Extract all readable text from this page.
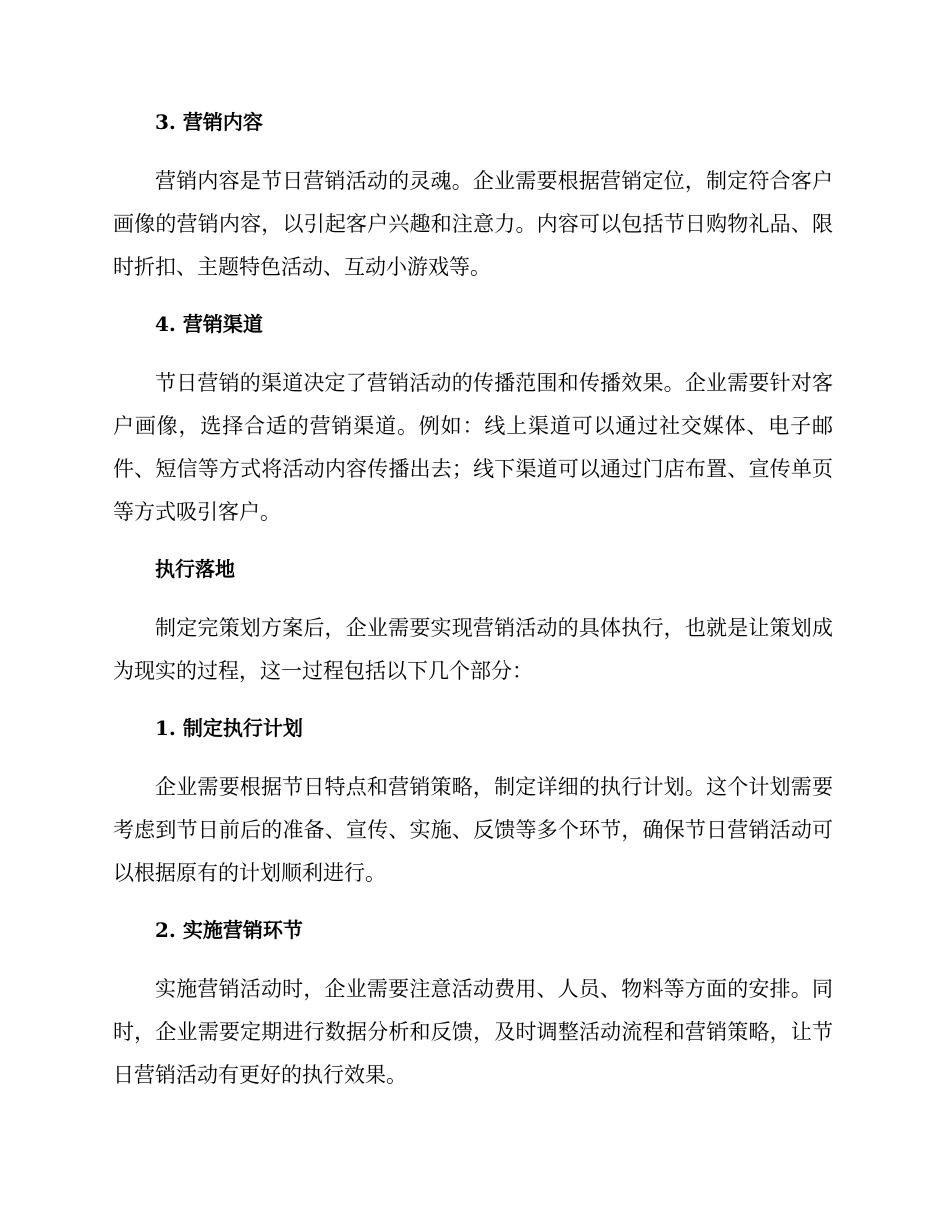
3. 营销内容

营销内容是节日营销活动的灵魂。企业需要根据营销定位，制定符合客户画像的营销内容，以引起客户兴趣和注意力。内容可以包括节日购物礼品、限时折扣、主题特色活动、互动小游戏等。

4. 营销渠道

节日营销的渠道决定了营销活动的传播范围和传播效果。企业需要针对客户画像，选择合适的营销渠道。例如：线上渠道可以通过社交媒体、电子邮件、短信等方式将活动内容传播出去；线下渠道可以通过门店布置、宣传单页等方式吸引客户。

执行落地

制定完策划方案后，企业需要实现营销活动的具体执行，也就是让策划成为现实的过程，这一过程包括以下几个部分：

1. 制定执行计划

企业需要根据节日特点和营销策略，制定详细的执行计划。这个计划需要考虑到节日前后的准备、宣传、实施、反馈等多个环节，确保节日营销活动可以根据原有的计划顺利进行。

2. 实施营销环节

实施营销活动时，企业需要注意活动费用、人员、物料等方面的安排。同时，企业需要定期进行数据分析和反馈，及时调整活动流程和营销策略，让节日营销活动有更好的执行效果。
